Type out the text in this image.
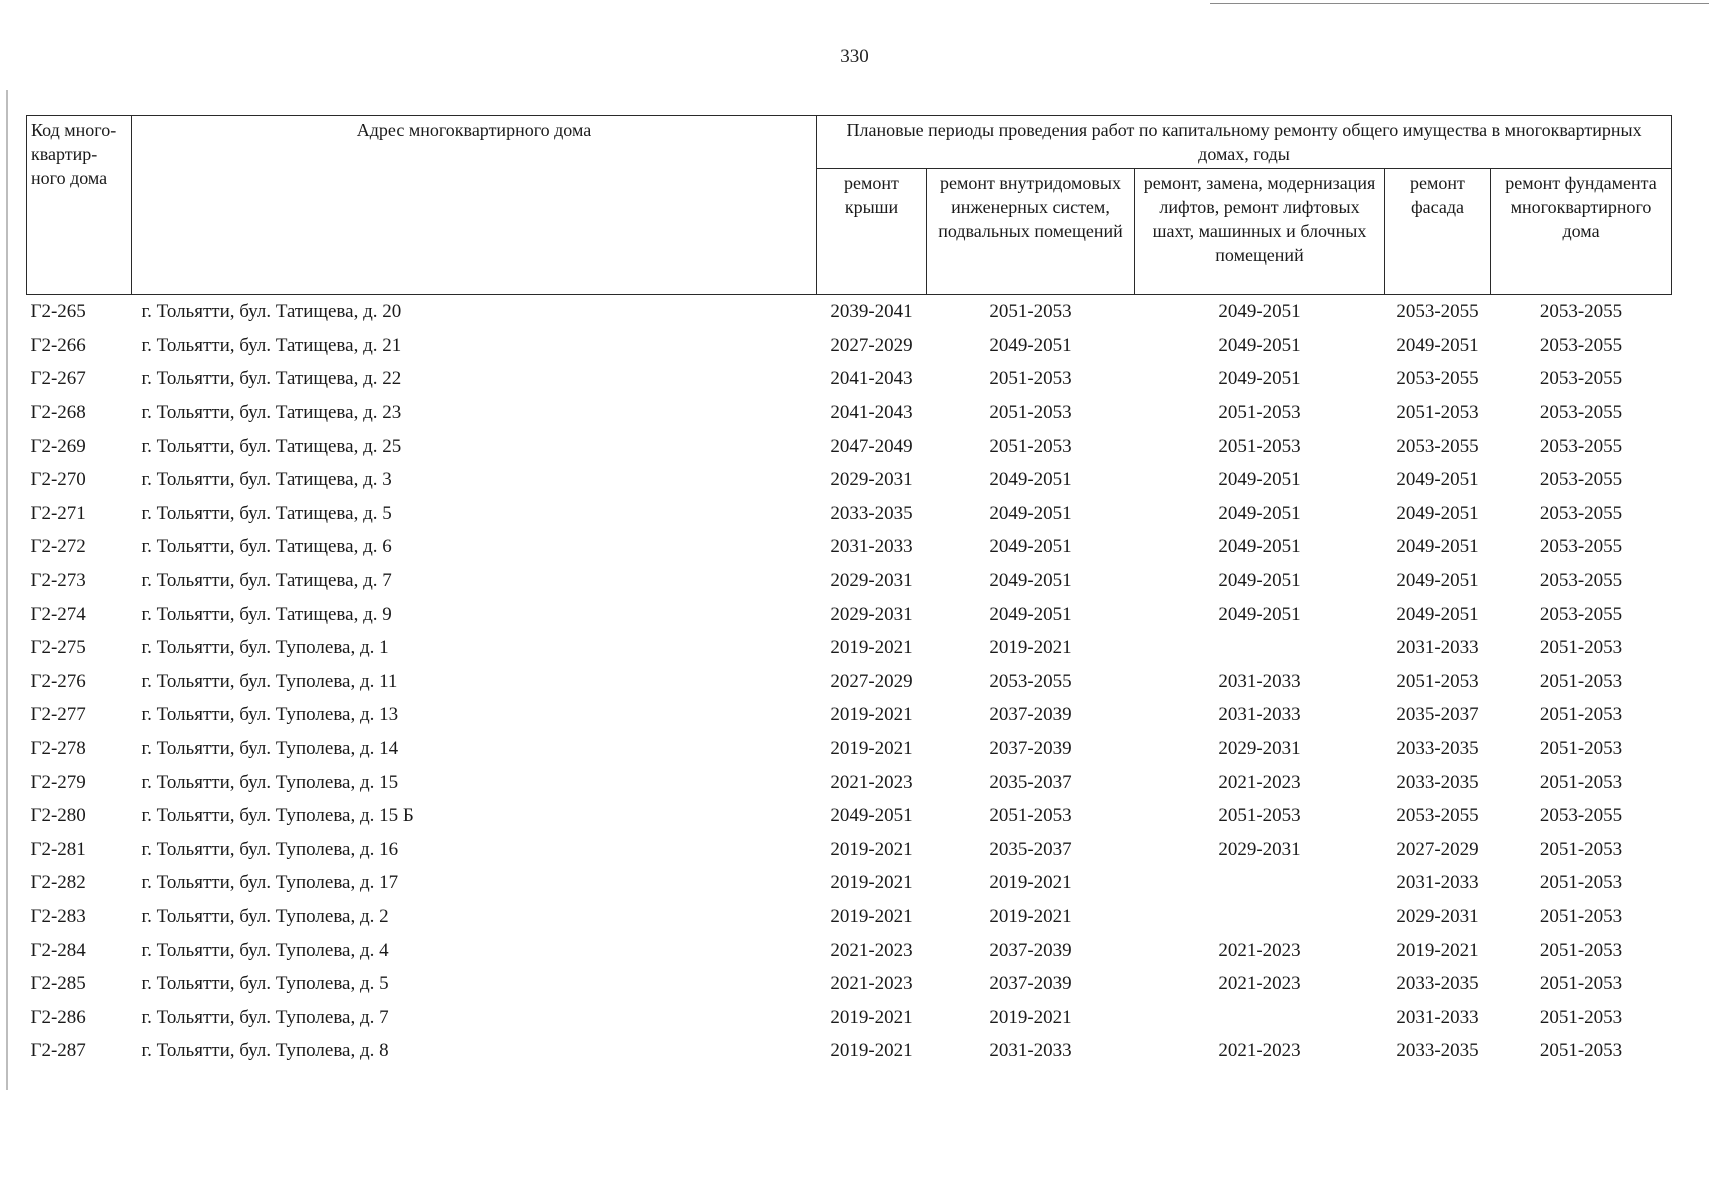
330
Код много-квартир-ного дома	Адрес многоквартирного дома	Плановые периоды проведения работ по капитальному ремонту общего имущества в многоквартирных домах, годы				
		ремонт крыши	ремонт внутридомовых инженерных систем, подвальных помещений	ремонт, замена, модернизация лифтов, ремонт лифтовых шахт, машинных и блочных помещений	ремонт фасада	ремонт фундамента многоквартирного дома
Г2-265	г. Тольятти, бул. Татищева, д. 20	2039-2041	2051-2053	2049-2051	2053-2055	2053-2055
Г2-266	г. Тольятти, бул. Татищева, д. 21	2027-2029	2049-2051	2049-2051	2049-2051	2053-2055
Г2-267	г. Тольятти, бул. Татищева, д. 22	2041-2043	2051-2053	2049-2051	2053-2055	2053-2055
Г2-268	г. Тольятти, бул. Татищева, д. 23	2041-2043	2051-2053	2051-2053	2051-2053	2053-2055
Г2-269	г. Тольятти, бул. Татищева, д. 25	2047-2049	2051-2053	2051-2053	2053-2055	2053-2055
Г2-270	г. Тольятти, бул. Татищева, д. 3	2029-2031	2049-2051	2049-2051	2049-2051	2053-2055
Г2-271	г. Тольятти, бул. Татищева, д. 5	2033-2035	2049-2051	2049-2051	2049-2051	2053-2055
Г2-272	г. Тольятти, бул. Татищева, д. 6	2031-2033	2049-2051	2049-2051	2049-2051	2053-2055
Г2-273	г. Тольятти, бул. Татищева, д. 7	2029-2031	2049-2051	2049-2051	2049-2051	2053-2055
Г2-274	г. Тольятти, бул. Татищева, д. 9	2029-2031	2049-2051	2049-2051	2049-2051	2053-2055
Г2-275	г. Тольятти, бул. Туполева, д. 1	2019-2021	2019-2021		2031-2033	2051-2053
Г2-276	г. Тольятти, бул. Туполева, д. 11	2027-2029	2053-2055	2031-2033	2051-2053	2051-2053
Г2-277	г. Тольятти, бул. Туполева, д. 13	2019-2021	2037-2039	2031-2033	2035-2037	2051-2053
Г2-278	г. Тольятти, бул. Туполева, д. 14	2019-2021	2037-2039	2029-2031	2033-2035	2051-2053
Г2-279	г. Тольятти, бул. Туполева, д. 15	2021-2023	2035-2037	2021-2023	2033-2035	2051-2053
Г2-280	г. Тольятти, бул. Туполева, д. 15 Б	2049-2051	2051-2053	2051-2053	2053-2055	2053-2055
Г2-281	г. Тольятти, бул. Туполева, д. 16	2019-2021	2035-2037	2029-2031	2027-2029	2051-2053
Г2-282	г. Тольятти, бул. Туполева, д. 17	2019-2021	2019-2021		2031-2033	2051-2053
Г2-283	г. Тольятти, бул. Туполева, д. 2	2019-2021	2019-2021		2029-2031	2051-2053
Г2-284	г. Тольятти, бул. Туполева, д. 4	2021-2023	2037-2039	2021-2023	2019-2021	2051-2053
Г2-285	г. Тольятти, бул. Туполева, д. 5	2021-2023	2037-2039	2021-2023	2033-2035	2051-2053
Г2-286	г. Тольятти, бул. Туполева, д. 7	2019-2021	2019-2021		2031-2033	2051-2053
Г2-287	г. Тольятти, бул. Туполева, д. 8	2019-2021	2031-2033	2021-2023	2033-2035	2051-2053
